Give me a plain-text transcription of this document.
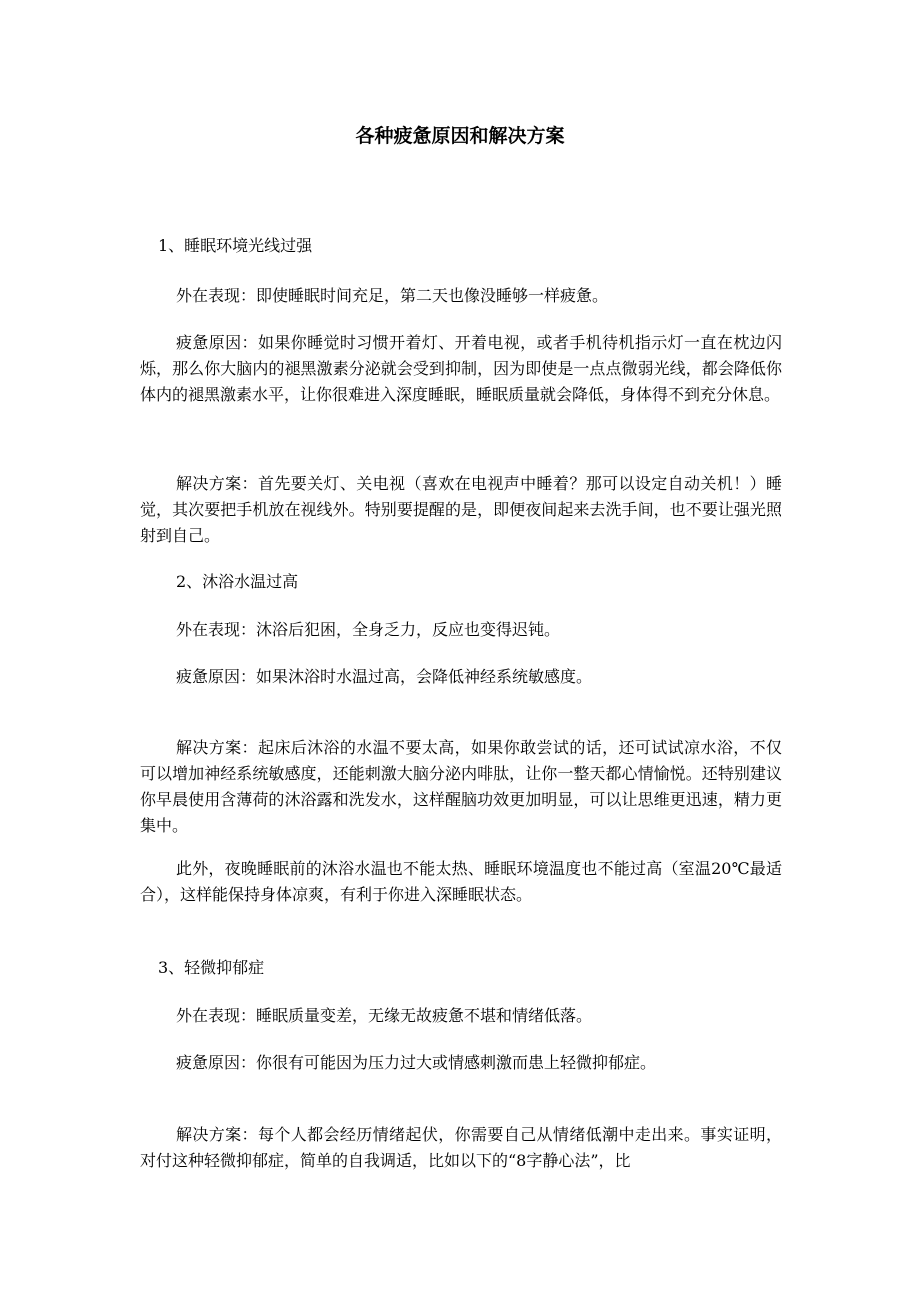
各种疲惫原因和解决方案

1、睡眠环境光线过强

外在表现：即使睡眠时间充足，第二天也像没睡够一样疲惫。

疲惫原因：如果你睡觉时习惯开着灯、开着电视，或者手机待机指示灯一直在枕边闪烁，那么你大脑内的褪黑激素分泌就会受到抑制，因为即使是一点点微弱光线，都会降低你体内的褪黑激素水平，让你很难进入深度睡眠，睡眠质量就会降低，身体得不到充分休息。

解决方案：首先要关灯、关电视（喜欢在电视声中睡着？那可以设定自动关机！）睡觉，其次要把手机放在视线外。特别要提醒的是，即便夜间起来去洗手间，也不要让强光照射到自己。

2、沐浴水温过高

外在表现：沐浴后犯困，全身乏力，反应也变得迟钝。

疲惫原因：如果沐浴时水温过高，会降低神经系统敏感度。

解决方案：起床后沐浴的水温不要太高，如果你敢尝试的话，还可试试凉水浴，不仅可以增加神经系统敏感度，还能刺激大脑分泌内啡肽，让你一整天都心情愉悦。还特别建议你早晨使用含薄荷的沐浴露和洗发水，这样醒脑功效更加明显，可以让思维更迅速，精力更集中。

此外，夜晚睡眠前的沐浴水温也不能太热、睡眠环境温度也不能过高（室温20℃最适合），这样能保持身体凉爽，有利于你进入深睡眠状态。

3、轻微抑郁症

外在表现：睡眠质量变差，无缘无故疲惫不堪和情绪低落。

疲惫原因：你很有可能因为压力过大或情感刺激而患上轻微抑郁症。

解决方案：每个人都会经历情绪起伏，你需要自己从情绪低潮中走出来。事实证明，对付这种轻微抑郁症，简单的自我调适，比如以下的“8字静心法”，比
